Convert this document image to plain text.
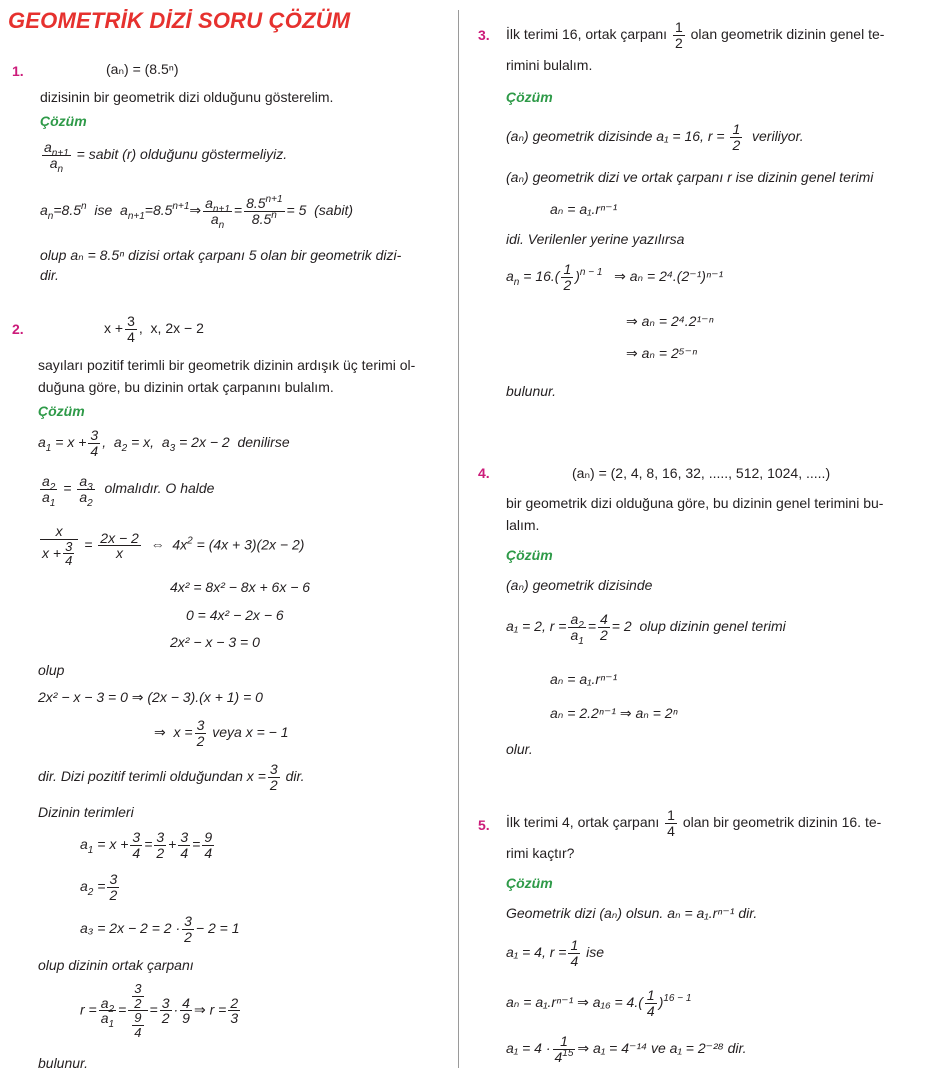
GEOMETRİK DİZİ SORU ÇÖZÜM
1.	(aₙ) = (8.5ⁿ)
dizisinin bir geometrik dizi olduğunu gösterelim.
Çözüm
$\frac{a_{n+1}}{a_n}$ = sabit (r) olduğunu göstermeliyiz.
$a_n=8.5^n$  ise  $a_{n+1}=8.5^{n+1}\Rightarrow \frac{a_{n+1}}{a_n} = \frac{8.5^{n+1}}{8.5^n} = 5$  (sabit)
olup aₙ = 8.5ⁿ dizisi ortak çarpanı 5 olan bir geometrik dizi-
dir.
2.	$x + \frac{3}{4}$ ,  x, 2x − 2
sayıları pozitif terimli bir geometrik dizinin ardışık üç terimi ol-
duğuna göre, bu dizinin ortak çarpanını bulalım.
Çözüm
$a_1 = x + \frac{3}{4}$ ,  $a_2 = x$,  $a_3 = 2x - 2$  denilirse
$\frac{a_2}{a_1} = \frac{a_3}{a_2}$ olmalıdır. O halde
$\frac{x}{x + \frac{3}{4}} = \frac{2x - 2}{x}$ ⇔  $4x^2 = (4x + 3)(2x - 2)$
4x² = 8x² − 8x + 6x − 6
0 = 4x² − 2x − 6
2x² − x − 3 = 0
olup
2x² − x − 3 = 0 ⇒ (2x − 3).(x + 1) = 0
⇒  $x = \frac{3}{2}$ veya x = − 1
dir. Dizi pozitif terimli olduğundan $x = \frac{3}{2}$ dir.
Dizinin terimleri
$a_1 = x + \frac{3}{4} = \frac{3}{2} + \frac{3}{4} = \frac{9}{4}$
$a_2 = \frac{3}{2}$
$a_3 = 2x - 2 = 2 \cdot \frac{3}{2} - 2 = 1$
olup dizinin ortak çarpanı
$r = \frac{a_2}{a_1} = \frac{\frac{3}{2}}{\frac{9}{4}} = \frac{3}{2} \cdot \frac{4}{9}$ ⇒ $r = \frac{2}{3}$
bulunur.
3. İlk terimi 16, ortak çarpanı $\frac{1}{2}$ olan geometrik dizinin genel te-
rimini bulalım.
Çözüm
(aₙ) geometrik dizisinde a₁ = 16, $r = \frac{1}{2}$ veriliyor.
(aₙ) geometrik dizi ve ortak çarpanı r ise dizinin genel terimi
aₙ = a₁.rⁿ⁻¹
idi. Verilenler yerine yazılırsa
$a_n = 16.( \frac{1}{2} )^{n - 1}$ ⇒ aₙ = 2⁴.(2⁻¹)ⁿ⁻¹
⇒ aₙ = 2⁴.2¹⁻ⁿ
⇒ aₙ = 2⁵⁻ⁿ
bulunur.
4.	(aₙ) = (2, 4, 8, 16, 32, ....., 512, 1024, .....)
bir geometrik dizi olduğuna göre, bu dizinin genel terimini bu-
lalım.
Çözüm
(aₙ) geometrik dizisinde
a₁ = 2, $r = \frac{a_2}{a_1} = \frac{4}{2} = 2$  olup dizinin genel terimi
aₙ = a₁.rⁿ⁻¹
aₙ = 2.2ⁿ⁻¹ ⇒ aₙ = 2ⁿ
olur.
5. İlk terimi 4, ortak çarpanı $\frac{1}{4}$ olan bir geometrik dizinin 16. te-
rimi kaçtır?
Çözüm
Geometrik dizi (aₙ) olsun. aₙ = a₁.rⁿ⁻¹ dir.
a₁ = 4, $r = \frac{1}{4}$ ise
aₙ = a₁.rⁿ⁻¹ ⇒ $a_{16} = 4.( \frac{1}{4} )^{16 - 1}$
$a_1 = 4 \cdot \frac{1}{4^{15}}$ ⇒ a₁ = 4⁻¹⁴ ve a₁ = 2⁻²⁸ dir.
